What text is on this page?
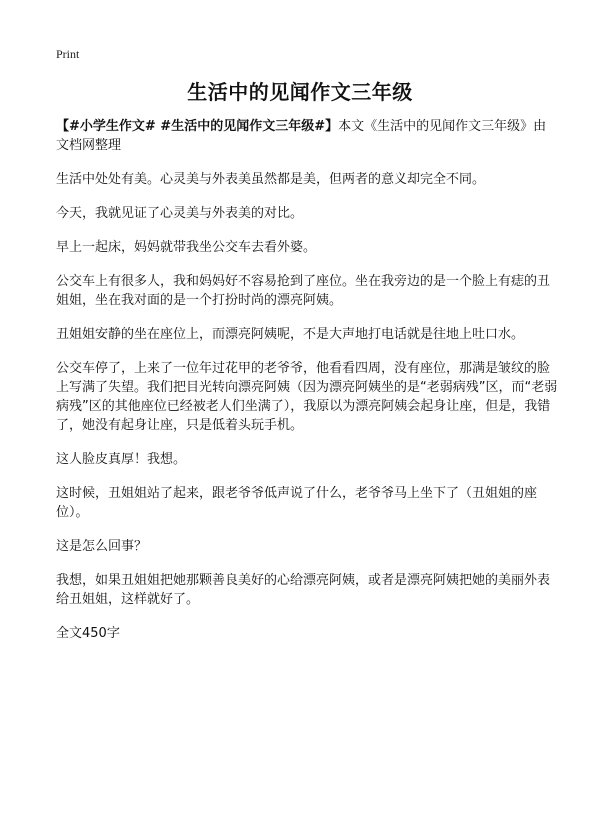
Print
生活中的见闻作文三年级

【#小学生作文# #生活中的见闻作文三年级#】本文《生活中的见闻作文三年级》由文档网整理

生活中处处有美。心灵美与外表美虽然都是美，但两者的意义却完全不同。

今天，我就见证了心灵美与外表美的对比。

早上一起床，妈妈就带我坐公交车去看外婆。

公交车上有很多人，我和妈妈好不容易抢到了座位。坐在我旁边的是一个脸上有痣的丑姐姐，坐在我对面的是一个打扮时尚的漂亮阿姨。

丑姐姐安静的坐在座位上，而漂亮阿姨呢，不是大声地打电话就是往地上吐口水。

公交车停了，上来了一位年过花甲的老爷爷，他看看四周，没有座位，那满是皱纹的脸上写满了失望。我们把目光转向漂亮阿姨（因为漂亮阿姨坐的是“老弱病残”区，而“老弱病残”区的其他座位已经被老人们坐满了），我原以为漂亮阿姨会起身让座，但是，我错了，她没有起身让座，只是低着头玩手机。

这人脸皮真厚！我想。

这时候，丑姐姐站了起来，跟老爷爷低声说了什么，老爷爷马上坐下了（丑姐姐的座位）。

这是怎么回事？

我想，如果丑姐姐把她那颗善良美好的心给漂亮阿姨，或者是漂亮阿姨把她的美丽外表给丑姐姐，这样就好了。

全文450字
